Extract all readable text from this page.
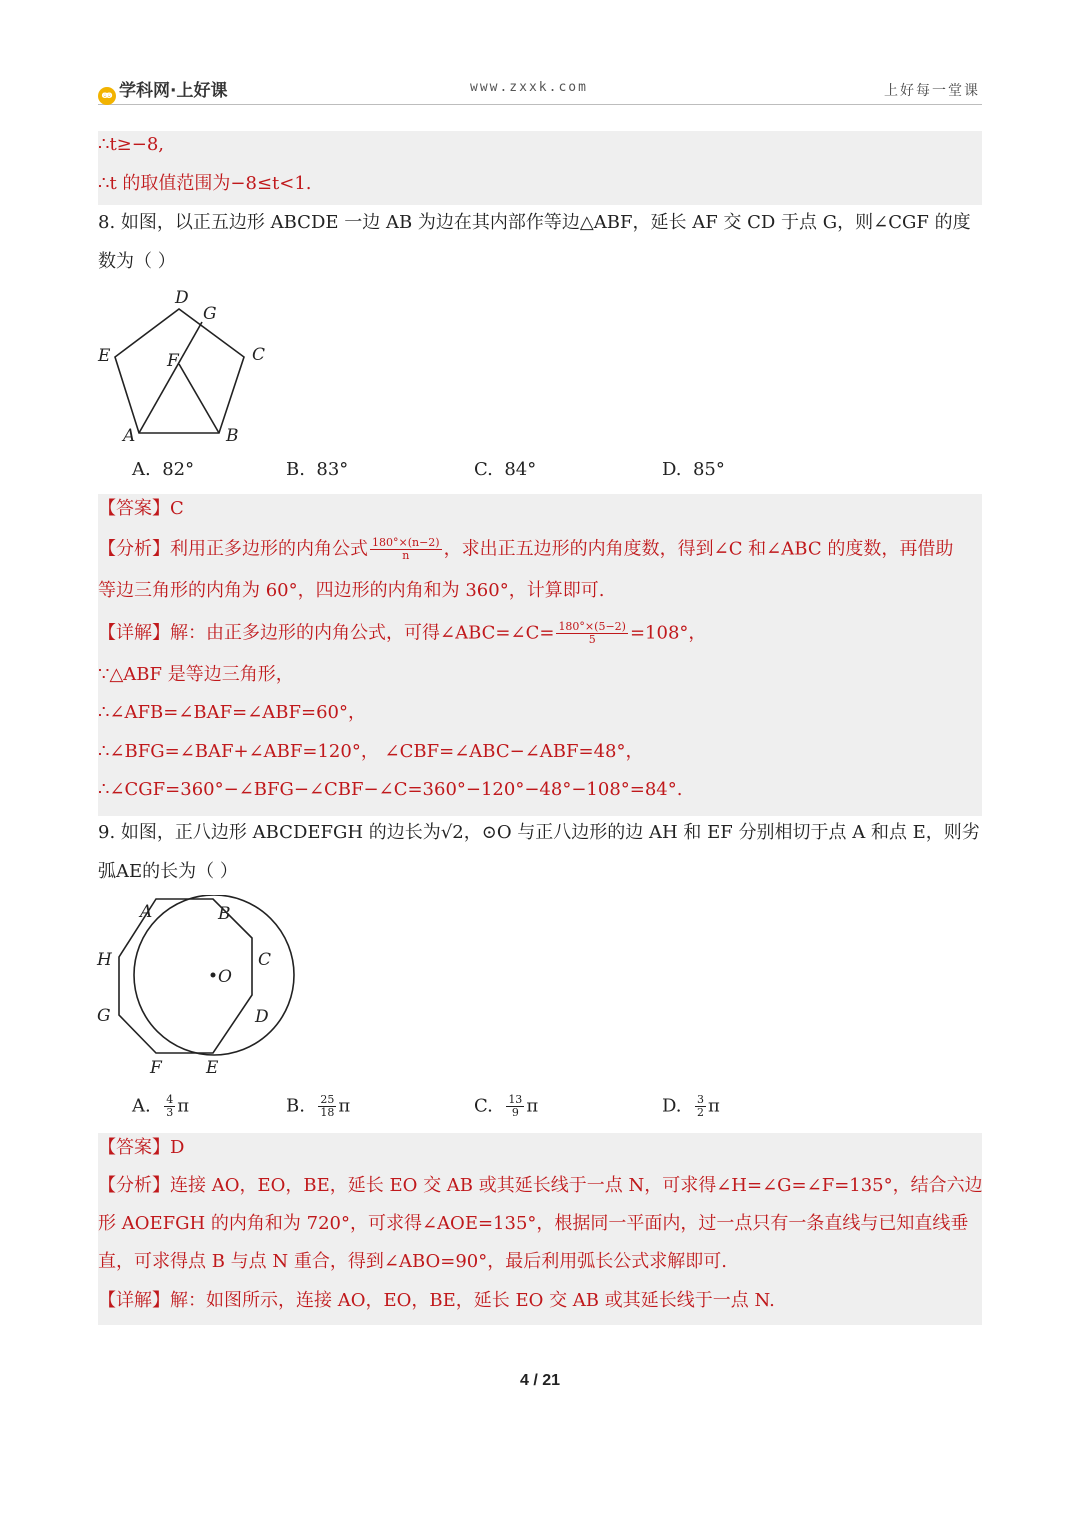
ꙭ 学科网·上好课	www.zxxk.com	上好每一堂课
∴t≥−8,
∴t 的取值范围为−8≤t<1.
8. 如图，以正五边形 ABCDE 一边 AB 为边在其内部作等边△ABF，延长 AF 交 CD 于点 G，则∠CGF 的度
数为（ ）
D
G
E	F	C
A	B
A. 82°	B. 83°	C. 84°	D. 85°
【答案】C
【分析】利用正多边形的内角公式 $\frac{180^\circ\times(n-2)}{n}$ ，求出正五边形的内角度数，得到∠C 和∠ABC 的度数，再借助
等边三角形的内角为 60°，四边形的内角和为 360°，计算即可.
【详解】解：由正多边形的内角公式，可得∠ABC=∠C= $\frac{180^\circ\times(5-2)}{5} =108^\circ$，
∵△ABF 是等边三角形，
∴∠AFB=∠BAF=∠ABF=60°，
∴∠BFG=∠BAF+∠ABF=120°， ∠CBF=∠ABC−∠ABF=48°，
∴∠CGF=360°−∠BFG−∠CBF−∠C=360°−120°−48°−108°=84°.
9. 如图，正八边形 ABCDEFGH 的边长为√2，⊙O 与正八边形的边 AH 和 EF 分别相切于点 A 和点 E，则劣
弧AE的长为（ ）
A	B
C
D
E
F
G
H
O
A. $\frac{4}{3}$ π	B. $\frac{25}{18}$ π	C. $\frac{13}{9}$ π	D. $\frac{3}{2}$ π
【答案】D
【分析】连接 AO，EO，BE，延长 EO 交 AB 或其延长线于一点 N，可求得∠H=∠G=∠F=135°，结合六边
形 AOEFGH 的内角和为 720°，可求得∠AOE=135°，根据同一平面内，过一点只有一条直线与已知直线垂
直，可求得点 B 与点 N 重合，得到∠ABO=90°，最后利用弧长公式求解即可.
【详解】解：如图所示，连接 AO，EO，BE，延长 EO 交 AB 或其延长线于一点 N.
4 / 21
